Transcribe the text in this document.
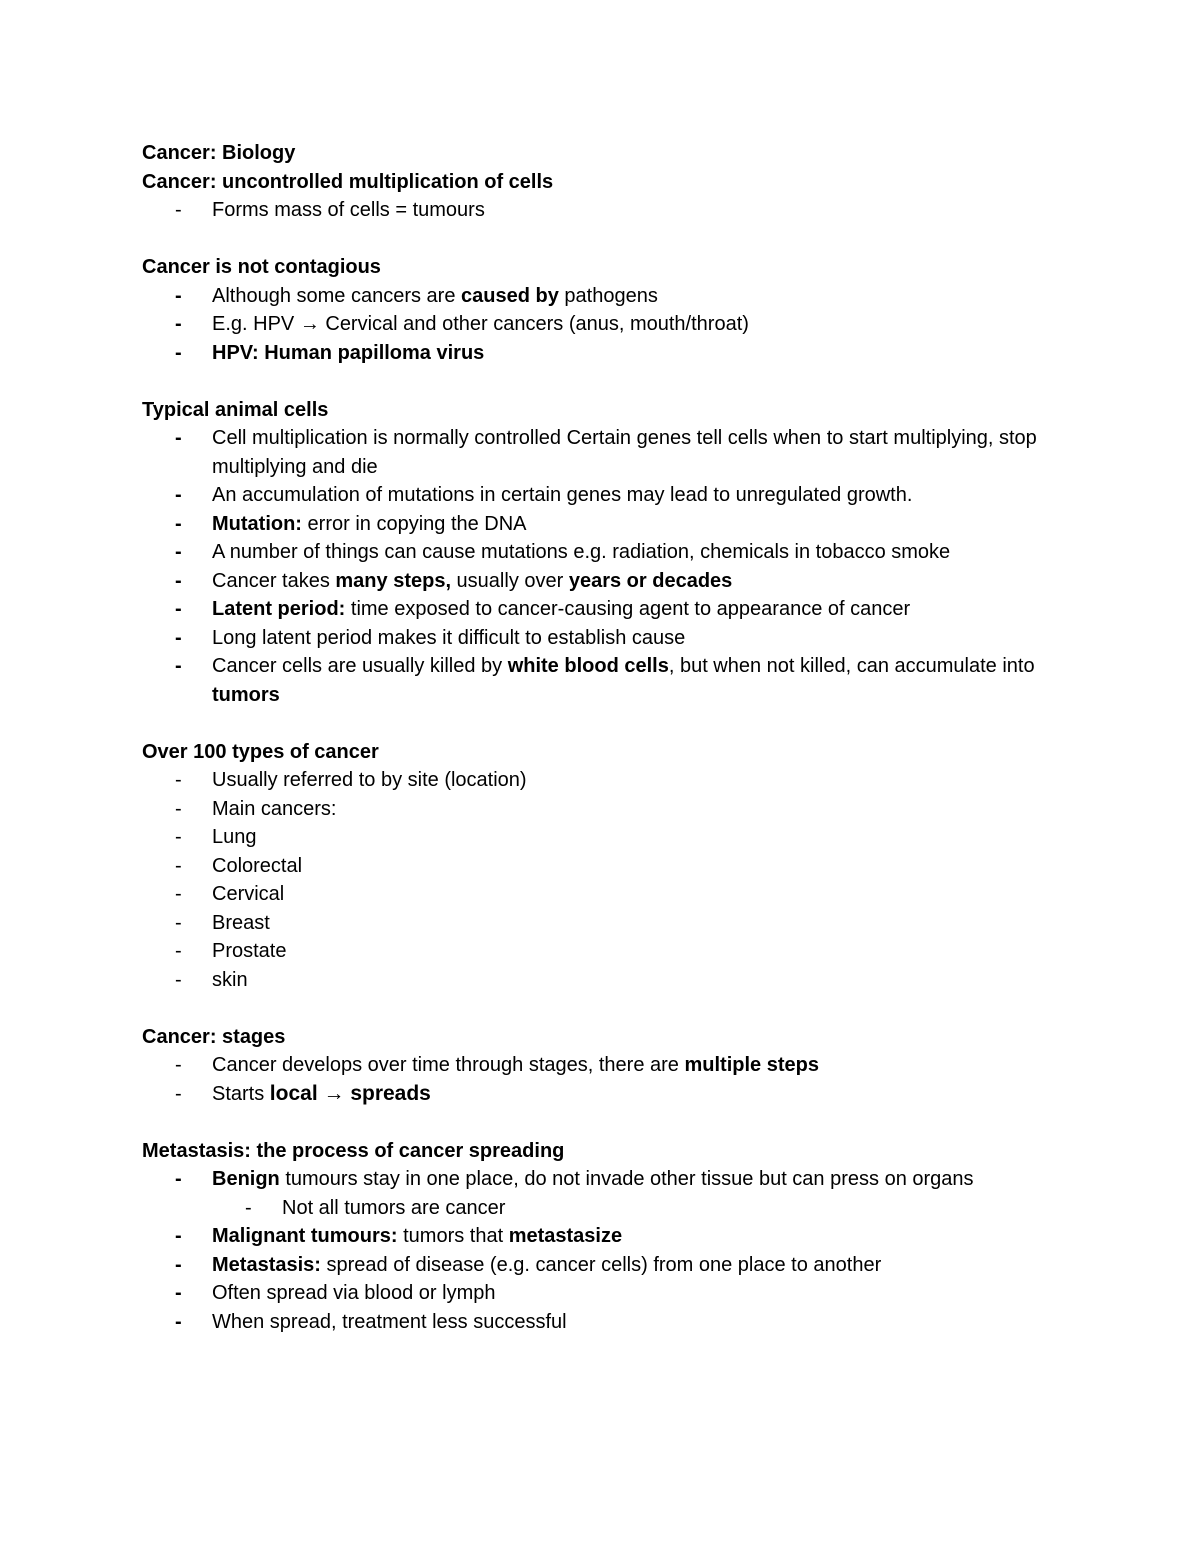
Cancer: Biology

Cancer: uncontrolled multiplication of cells

-	Forms mass of cells = tumours

Cancer is not contagious

-	Although some cancers are caused by pathogens
-	E.g. HPV → Cervical and other cancers (anus, mouth/throat)
-	HPV: Human papilloma virus

Typical animal cells

-	Cell multiplication is normally controlled Certain genes tell cells when to start multiplying, stop multiplying and die
-	An accumulation of mutations in certain genes may lead to unregulated growth.
-	Mutation: error in copying the DNA
-	A number of things can cause mutations e.g. radiation, chemicals in tobacco smoke
-	Cancer takes many steps, usually over years or decades
-	Latent period: time exposed to cancer-causing agent to appearance of cancer
-	Long latent period makes it difficult to establish cause
-	Cancer cells are usually killed by white blood cells, but when not killed, can accumulate into tumors

Over 100 types of cancer

-	Usually referred to by site (location)
-	Main cancers:
-	Lung
-	Colorectal
-	Cervical
-	Breast
-	Prostate
-	skin

Cancer: stages

-	Cancer develops over time through stages, there are multiple steps
-	Starts local → spreads

Metastasis: the process of cancer spreading

-	Benign tumours stay in one place, do not invade other tissue but can press on organs
-	Not all tumors are cancer
-	Malignant tumours: tumors that metastasize
-	Metastasis: spread of disease (e.g. cancer cells) from one place to another
-	Often spread via blood or lymph
-	When spread, treatment less successful
